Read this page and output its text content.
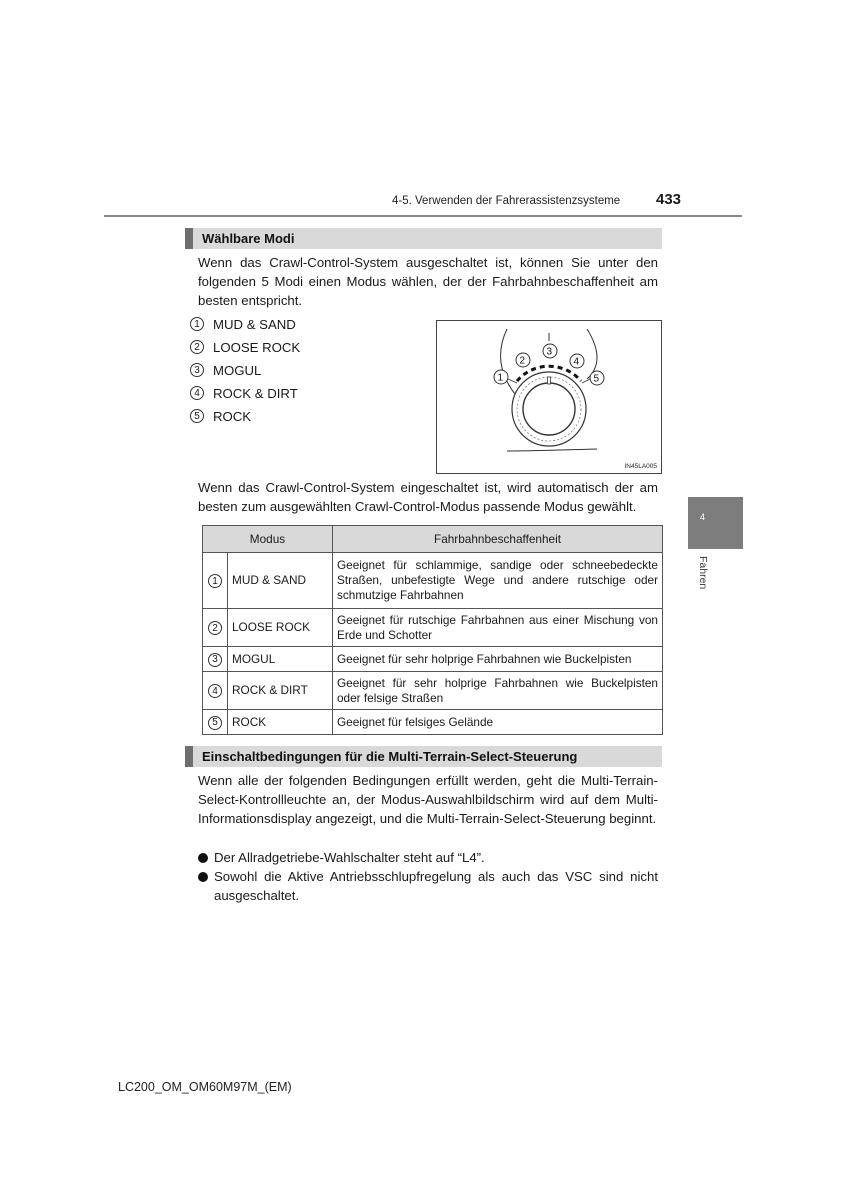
4-5. Verwenden der Fahrerassistenzsysteme 433
4
Fahren
Wählbare Modi
Wenn das Crawl-Control-System ausgeschaltet ist, können Sie unter den folgenden 5 Modi einen Modus wählen, der der Fahrbahnbeschaffenheit am besten entspricht.
1	MUD & SAND
2	LOOSE ROCK
3	MOGUL
4	ROCK & DIRT
5	ROCK
1
2
3
4
5
IN45LA005
Wenn das Crawl-Control-System eingeschaltet ist, wird automatisch der am besten zum ausgewählten Crawl-Control-Modus passende Modus gewählt.
Modus		Fahrbahnbeschaffenheit
1	MUD & SAND	Geeignet für schlammige, sandige oder schneebedeckte Straßen, unbefestigte Wege und andere rutschige oder schmutzige Fahrbahnen
2	LOOSE ROCK	Geeignet für rutschige Fahrbahnen aus einer Mischung von Erde und Schotter
3	MOGUL	Geeignet für sehr holprige Fahrbahnen wie Buckelpisten
4	ROCK & DIRT	Geeignet für sehr holprige Fahrbahnen wie Buckelpisten oder felsige Straßen
5	ROCK	Geeignet für felsiges Gelände
Einschaltbedingungen für die Multi-Terrain-Select-Steuerung
Wenn alle der folgenden Bedingungen erfüllt werden, geht die Multi-Terrain-Select-Kontrollleuchte an, der Modus-Auswahlbildschirm wird auf dem Multi-Informationsdisplay angezeigt, und die Multi-Terrain-Select-Steuerung beginnt.
Der Allradgetriebe-Wahlschalter steht auf “L4”.
Sowohl die Aktive Antriebsschlupfregelung als auch das VSC sind nicht ausgeschaltet.
LC200_OM_OM60M97M_(EM)
